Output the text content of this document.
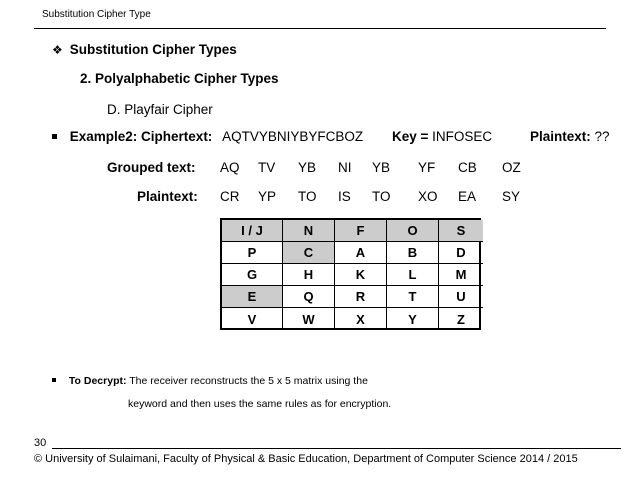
Substitution Cipher Type
❖ Substitution Cipher Types
2. Polyalphabetic Cipher Types
D. Playfair Cipher
Example2: Ciphertext: AQTVYBNIYBYFCBOZ Key = INFOSEC	Plaintext: ??
Grouped text: AQ TV YB NI YB YF CB OZ
Plaintext: CR YP TO IS TO XO EA SY
I / J	N	F	O	S
P	C	A	B	D
G	H	K	L	M
E	Q	R	T	U
V	W	X	Y	Z
To Decrypt: The receiver reconstructs the 5 x 5 matrix using the
keyword and then uses the same rules as for encryption.
30
© University of Sulaimani, Faculty of Physical & Basic Education, Department of Computer Science 2014 / 2015
